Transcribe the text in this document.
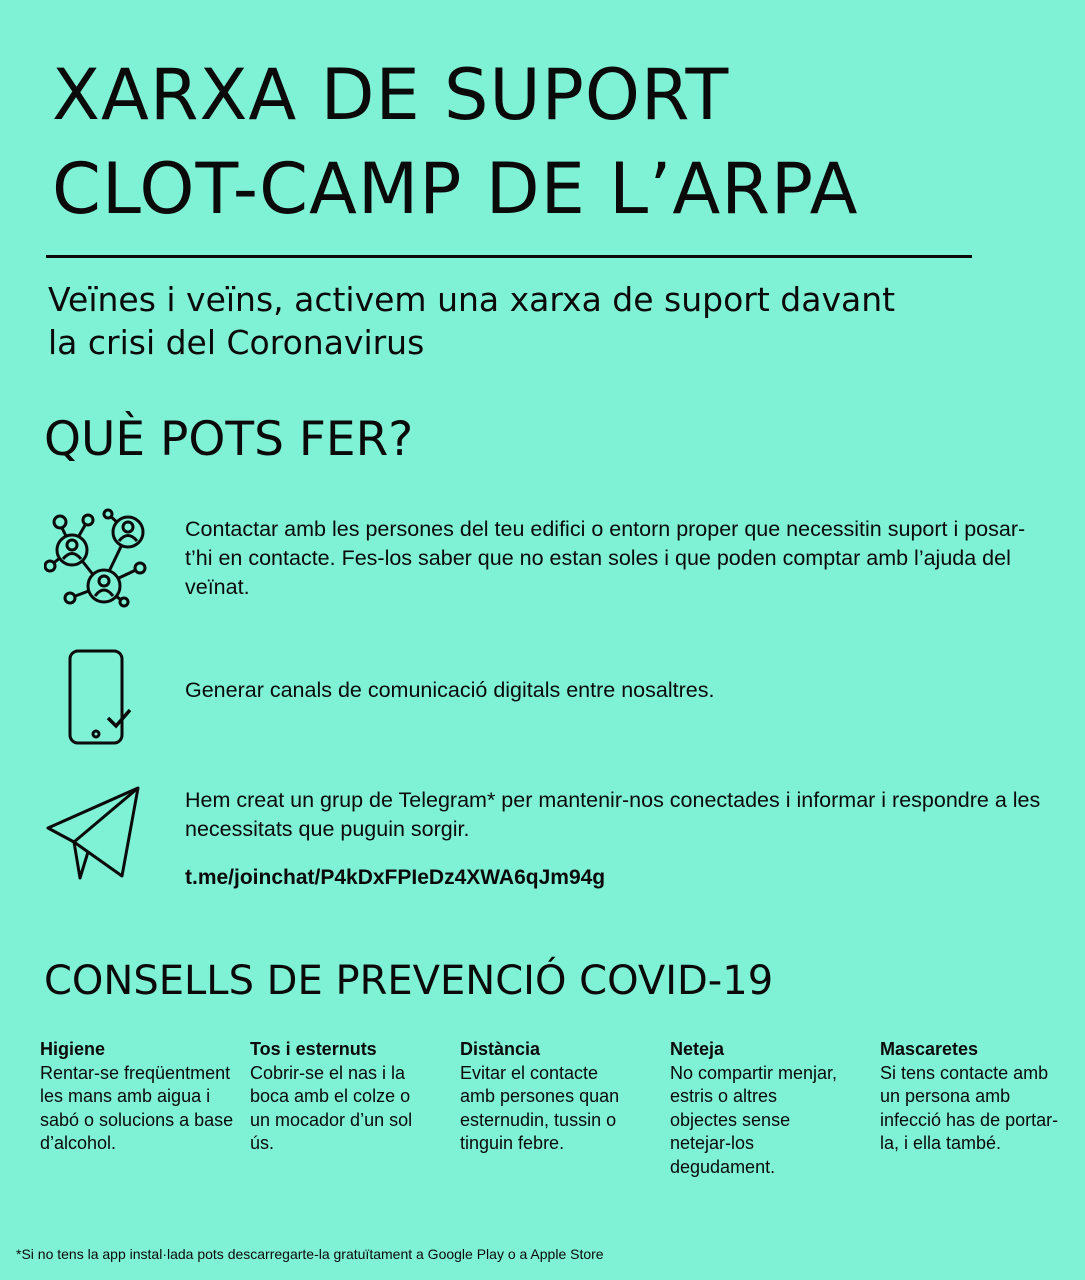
XARXA DE SUPORT
CLOT-CAMP DE L’ARPA

Veïnes i veïns, activem una xarxa de suport davant
la crisi del Coronavirus

QUÈ POTS FER?

Contactar amb les persones del teu edifici o entorn proper que necessitin suport i posar-t’hi en contacte. Fes-los saber que no estan soles i que poden comptar amb l’ajuda del veïnat.

Generar canals de comunicació digitals entre nosaltres.

Hem creat un grup de Telegram* per mantenir-nos conectades i informar i respondre a les necessitats que puguin sorgir.

t.me/joinchat/P4kDxFPIeDz4XWA6qJm94g
CONSELLS DE PREVENCIÓ COVID-19
Higiene
Rentar-se freqüentment les mans amb aigua i sabó o solucions a base d’alcohol.
Tos i esternuts
Cobrir-se el nas i la boca amb el colze o un mocador d’un sol ús.
Distància
Evitar el contacte amb persones quan esternudin, tussin o tinguin febre.
Neteja
No compartir menjar, estris o altres objectes sense netejar-los degudament.
Mascaretes
Si tens contacte amb un persona amb infecció has de portar-la, i ella també.
*Si no tens la app instal·lada pots descarregarte-la gratuïtament a Google Play o a Apple Store
